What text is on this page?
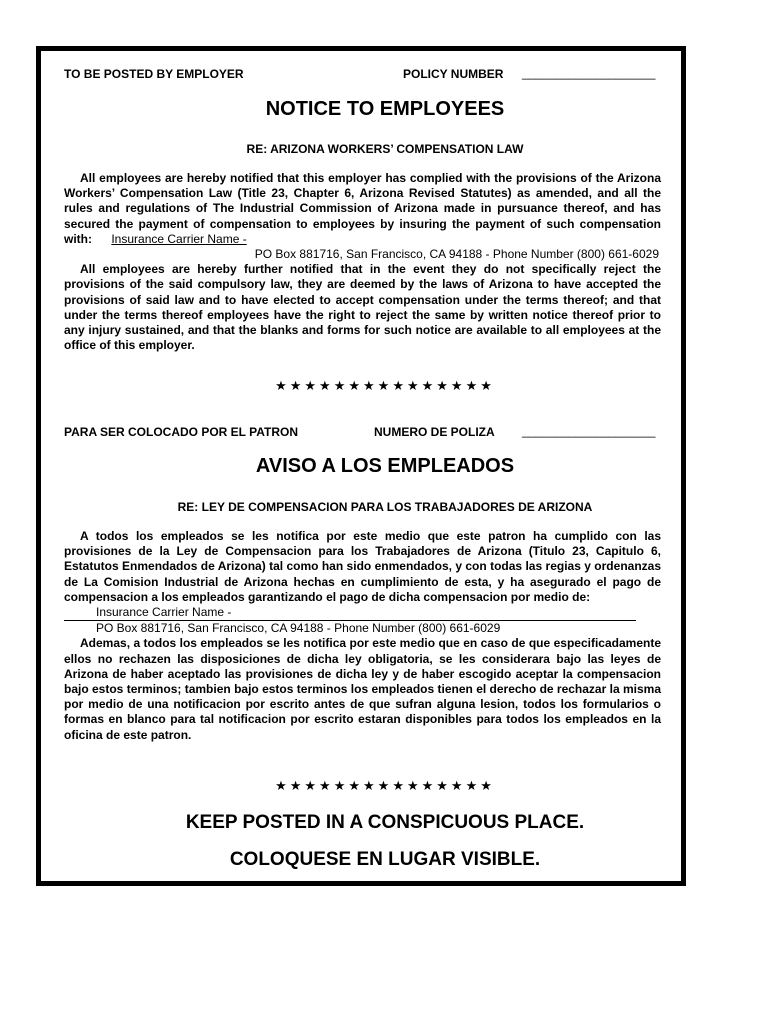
TO BE POSTED BY EMPLOYER	POLICY NUMBER ____________________
NOTICE TO EMPLOYEES
RE: ARIZONA WORKERS’ COMPENSATION LAW

All employees are hereby notified that this employer has complied with the provisions of the Arizona Workers’ Compensation Law (Title 23, Chapter 6, Arizona Revised Statutes) as amended, and all the rules and regulations of The Industrial Commission of Arizona made in pursuance thereof, and has secured the payment of compensation to employees by insuring the payment of such compensation with: Insurance Carrier Name -

PO Box 881716, San Francisco, CA 94188 - Phone Number (800) 661-6029

All employees are hereby further notified that in the event they do not specifically reject the provisions of the said compulsory law, they are deemed by the laws of Arizona to have accepted the provisions of said law and to have elected to accept compensation under the terms thereof; and that under the terms thereof employees have the right to reject the same by written notice thereof prior to any injury sustained, and that the blanks and forms for such notice are available to all employees at the office of this employer.

★★★★★★★★★★★★★★★
PARA SER COLOCADO POR EL PATRON	NUMERO DE POLIZA ____________________
AVISO A LOS EMPLEADOS
RE: LEY DE COMPENSACION PARA LOS TRABAJADORES DE ARIZONA

A todos los empleados se les notifica por este medio que este patron ha cumplido con las provisiones de la Ley de Compensacion para los Trabajadores de Arizona (Titulo 23, Capitulo 6, Estatutos Enmendados de Arizona) tal como han sido enmendados, y con todas las regias y ordenanzas de La Comision Industrial de Arizona hechas en cumplimiento de esta, y ha asegurado el pago de compensacion a los empleados garantizando el pago de dicha compensacion por medio de:

Insurance Carrier Name -
PO Box 881716, San Francisco, CA 94188 - Phone Number (800) 661-6029

Ademas, a todos los empleados se les notifica por este medio que en caso de que especificadamente ellos no rechazen las disposiciones de dicha ley obligatoria, se les considerara bajo las leyes de Arizona de haber aceptado las provisiones de dicha ley y de haber escogido aceptar la compensacion bajo estos terminos; tambien bajo estos terminos los empleados tienen el derecho de rechazar la misma por medio de una notificacion por escrito antes de que sufran alguna lesion, todos los formularios o formas en blanco para tal notificacion por escrito estaran disponibles para todos los empleados en la oficina de este patron.

★★★★★★★★★★★★★★★
KEEP POSTED IN A CONSPICUOUS PLACE.
COLOQUESE EN LUGAR VISIBLE.
